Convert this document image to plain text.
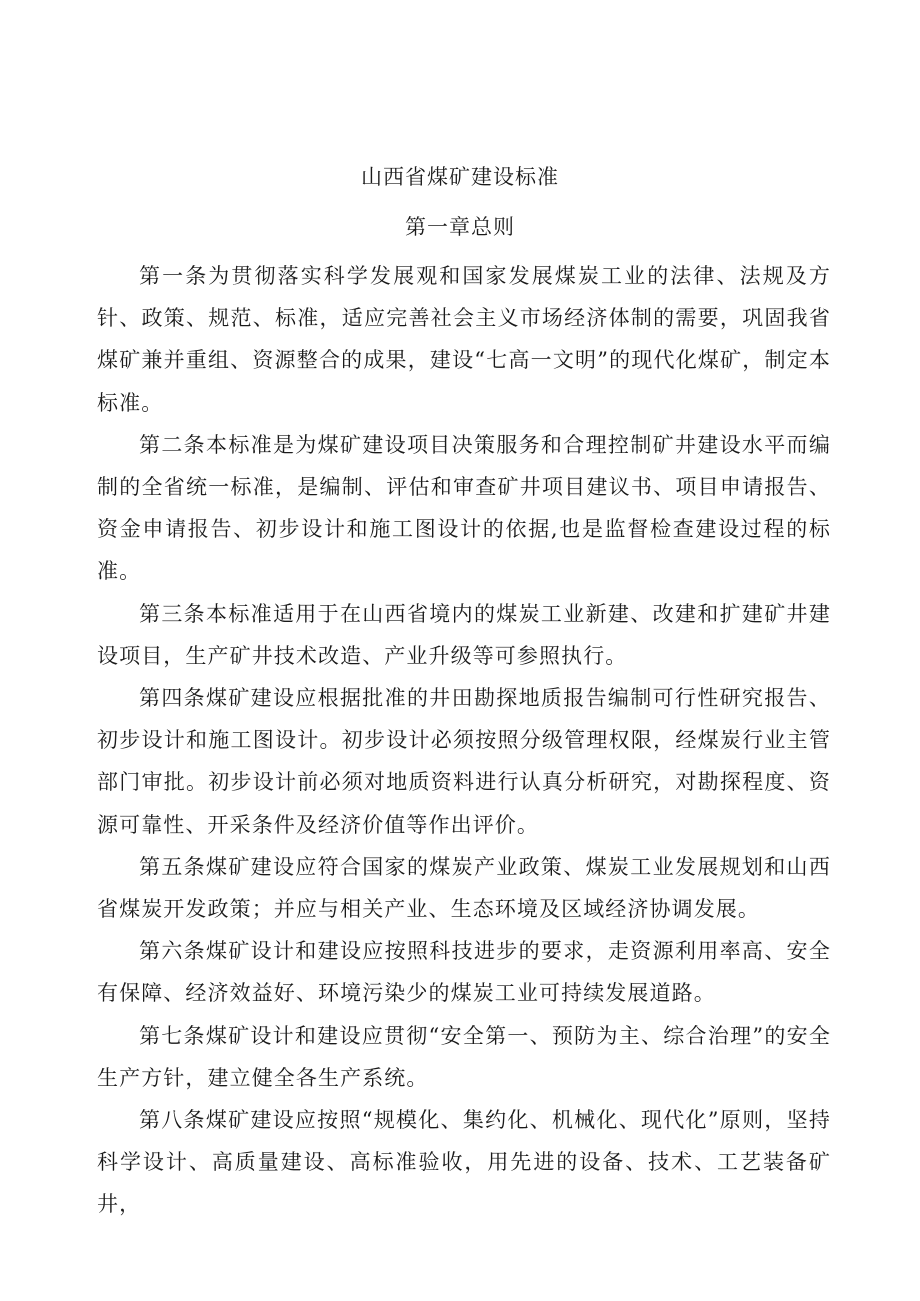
山西省煤矿建设标准
第一章总则

第一条为贯彻落实科学发展观和国家发展煤炭工业的法律、法规及方针、政策、规范、标准，适应完善社会主义市场经济体制的需要，巩固我省煤矿兼并重组、资源整合的成果，建设“七高一文明”的现代化煤矿，制定本标准。

第二条本标准是为煤矿建设项目决策服务和合理控制矿井建设水平而编制的全省统一标准，是编制、评估和审查矿井项目建议书、项目申请报告、资金申请报告、初步设计和施工图设计的依据,也是监督检查建设过程的标准。

第三条本标准适用于在山西省境内的煤炭工业新建、改建和扩建矿井建设项目，生产矿井技术改造、产业升级等可参照执行。

第四条煤矿建设应根据批准的井田勘探地质报告编制可行性研究报告、初步设计和施工图设计。初步设计必须按照分级管理权限，经煤炭行业主管部门审批。初步设计前必须对地质资料进行认真分析研究，对勘探程度、资源可靠性、开采条件及经济价值等作出评价。

第五条煤矿建设应符合国家的煤炭产业政策、煤炭工业发展规划和山西省煤炭开发政策；并应与相关产业、生态环境及区域经济协调发展。

第六条煤矿设计和建设应按照科技进步的要求，走资源利用率高、安全有保障、经济效益好、环境污染少的煤炭工业可持续发展道路。

第七条煤矿设计和建设应贯彻“安全第一、预防为主、综合治理”的安全生产方针，建立健全各生产系统。

第八条煤矿建设应按照“规模化、集约化、机械化、现代化”原则，坚持科学设计、高质量建设、高标准验收，用先进的设备、技术、工艺装备矿井，
